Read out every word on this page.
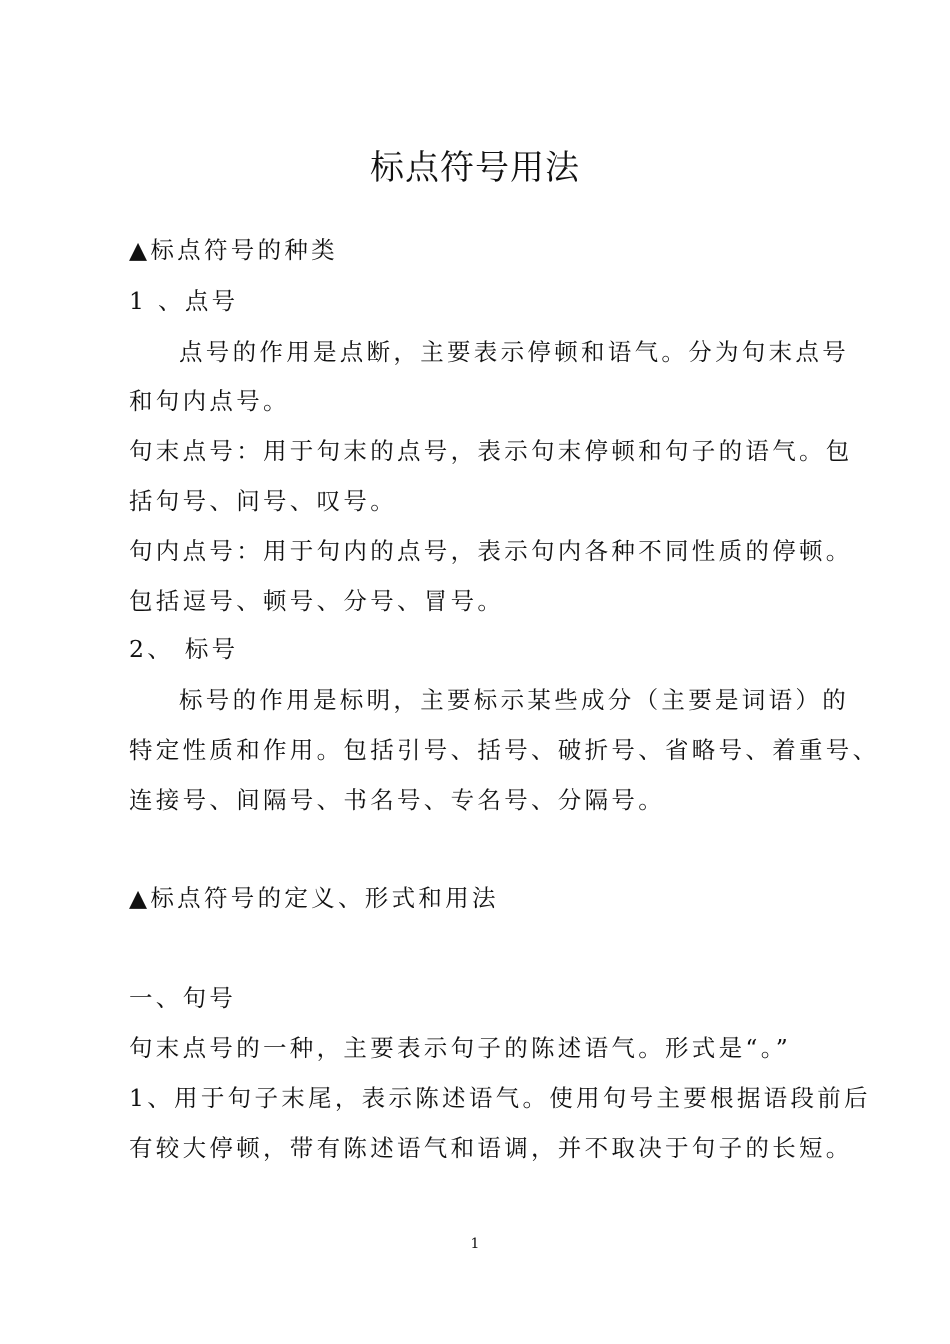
标点符号用法
▲标点符号的种类
1 、点号
点号的作用是点断，主要表示停顿和语气。分为句末点号
和句内点号。
句末点号：用于句末的点号，表示句末停顿和句子的语气。包
括句号、问号、叹号。
句内点号：用于句内的点号，表示句内各种不同性质的停顿。
包括逗号、顿号、分号、冒号。
2、 标号
标号的作用是标明，主要标示某些成分（主要是词语）的
特定性质和作用。包括引号、括号、破折号、省略号、着重号、
连接号、间隔号、书名号、专名号、分隔号。
▲标点符号的定义、形式和用法
一、句号
句末点号的一种，主要表示句子的陈述语气。形式是“。”
1、用于句子末尾，表示陈述语气。使用句号主要根据语段前后
有较大停顿，带有陈述语气和语调，并不取决于句子的长短。
1
